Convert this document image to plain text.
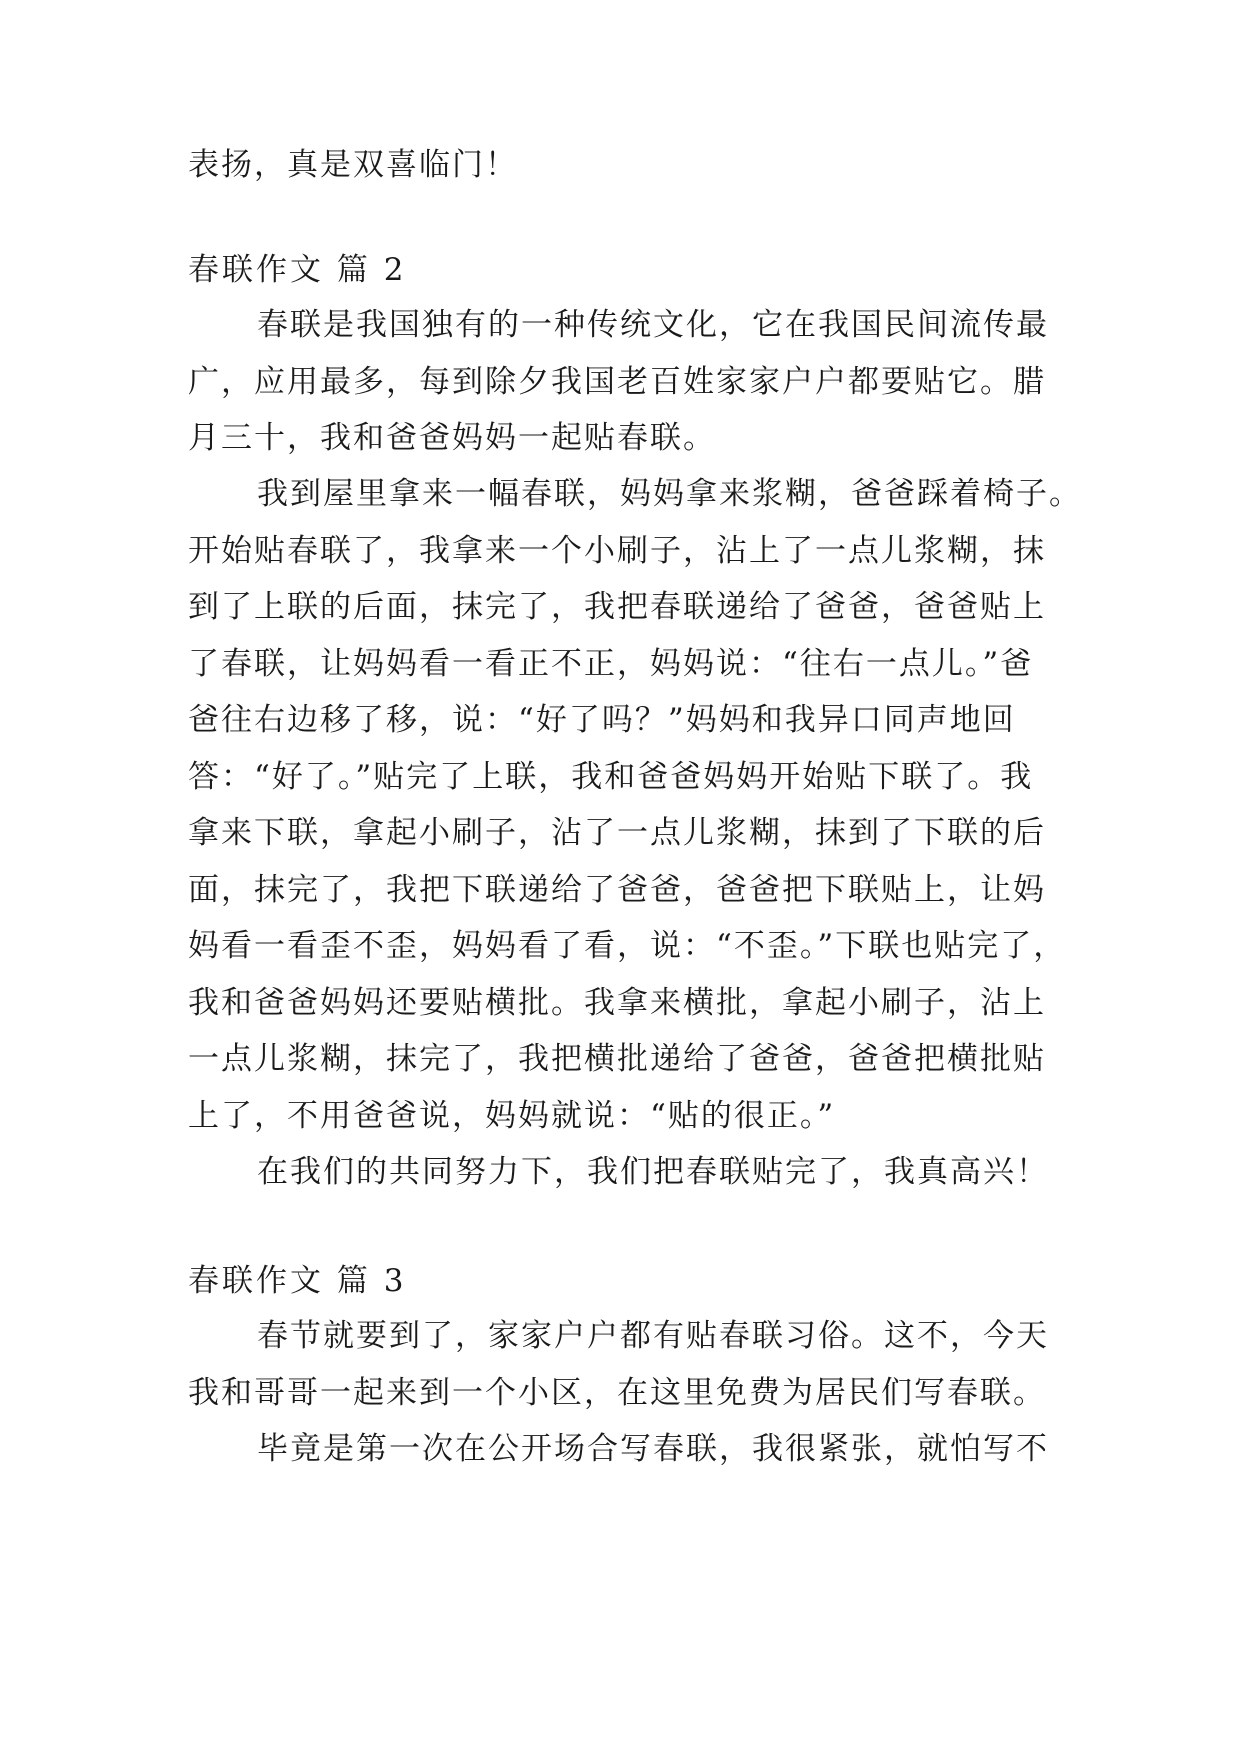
表扬，真是双喜临门！
春联作文 篇 2
春联是我国独有的一种传统文化，它在我国民间流传最
广，应用最多，每到除夕我国老百姓家家户户都要贴它。腊
月三十，我和爸爸妈妈一起贴春联。
我到屋里拿来一幅春联，妈妈拿来浆糊，爸爸踩着椅子。
开始贴春联了，我拿来一个小刷子，沾上了一点儿浆糊，抹
到了上联的后面，抹完了，我把春联递给了爸爸，爸爸贴上
了春联，让妈妈看一看正不正，妈妈说：“往右一点儿。”爸
爸往右边移了移，说：“好了吗？”妈妈和我异口同声地回
答：“好了。”贴完了上联，我和爸爸妈妈开始贴下联了。我
拿来下联，拿起小刷子，沾了一点儿浆糊，抹到了下联的后
面，抹完了，我把下联递给了爸爸，爸爸把下联贴上，让妈
妈看一看歪不歪，妈妈看了看，说：“不歪。”下联也贴完了，
我和爸爸妈妈还要贴横批。我拿来横批，拿起小刷子，沾上
一点儿浆糊，抹完了，我把横批递给了爸爸，爸爸把横批贴
上了，不用爸爸说，妈妈就说：“贴的很正。”
在我们的共同努力下，我们把春联贴完了，我真高兴！
春联作文 篇 3
春节就要到了，家家户户都有贴春联习俗。这不，今天
我和哥哥一起来到一个小区，在这里免费为居民们写春联。
毕竟是第一次在公开场合写春联，我很紧张，就怕写不
